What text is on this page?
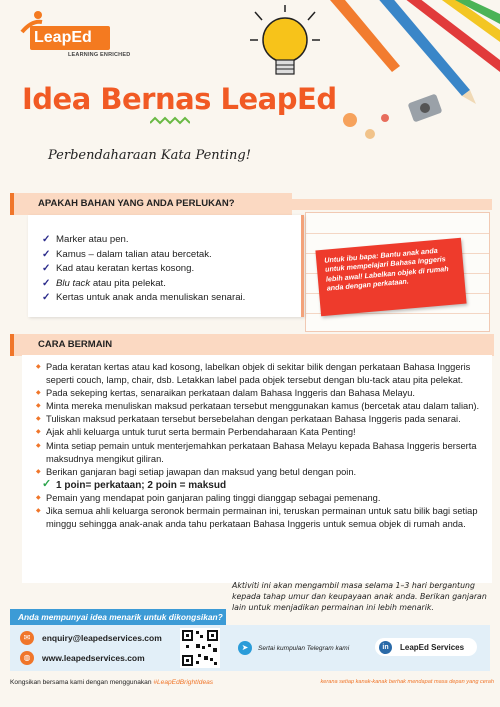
LeapEd
LEARNING ENRICHED
Idea Bernas LeapEd
Perbendaharaan Kata Penting!
APAKAH BAHAN YANG ANDA PERLUKAN?
✓ Marker atau pen.
✓ Kamus – dalam talian atau bercetak.
✓ Kad atau keratan kertas kosong.
✓ Blu tack
atau pita pelekat.
✓ Kertas untuk anak anda menuliskan senarai.
Untuk ibu bapa: Bantu anak anda untuk mempelajari Bahasa Inggeris lebih awal! Labelkan objek di rumah anda dengan perkataan.
CARA BERMAIN
◆ Pada keratan kertas atau kad kosong, labelkan objek di sekitar bilik dengan perkataan Bahasa Inggeris seperti couch, lamp, chair, dsb. Letakkan label pada objek tersebut dengan blu-tack atau pita pelekat.
◆ Pada sekeping kertas, senaraikan perkataan dalam Bahasa Inggeris dan Bahasa Melayu.
◆ Minta mereka menuliskan maksud perkataan tersebut menggunakan kamus (bercetak atau dalam talian).
◆ Tuliskan maksud perkataan tersebut bersebelahan dengan perkataan Bahasa Inggeris pada senarai.
◆ Ajak ahli keluarga untuk turut serta bermain Perbendaharaan Kata Penting!
◆ Minta setiap pemain untuk menterjemahkan perkataan Bahasa Melayu kepada Bahasa Inggeris berserta maksudnya mengikut giliran.
◆ Berikan ganjaran bagi setiap jawapan dan maksud yang betul dengan poin.
✓ 1 poin= perkataan; 2 poin = maksud
◆ Pemain yang mendapat poin ganjaran paling tinggi dianggap sebagai pemenang.
◆ Jika semua ahli keluarga seronok bermain permainan ini, teruskan permainan untuk satu bilik bagi setiap minggu sehingga anak-anak anda tahu perkataan Bahasa Inggeris untuk semua objek di rumah anda.
Aktiviti ini akan mengambil masa selama 1–3 hari bergantung kepada tahap umur dan keupayaan anak anda. Berikan ganjaran lain untuk menjadikan permainan ini lebih menarik.
Anda mempunyai idea menarik untuk dikongsikan?
✉	enquiry@leapedservices.com
◍	www.leapedservices.com
➤	Sertai kumpulan Telegram kami	in	LeapEd Services
Kongsikan bersama kami dengan menggunakan #LeapEdBrightIdeas	kerana setiap kanak-kanak berhak mendapat masa depan yang cerah
